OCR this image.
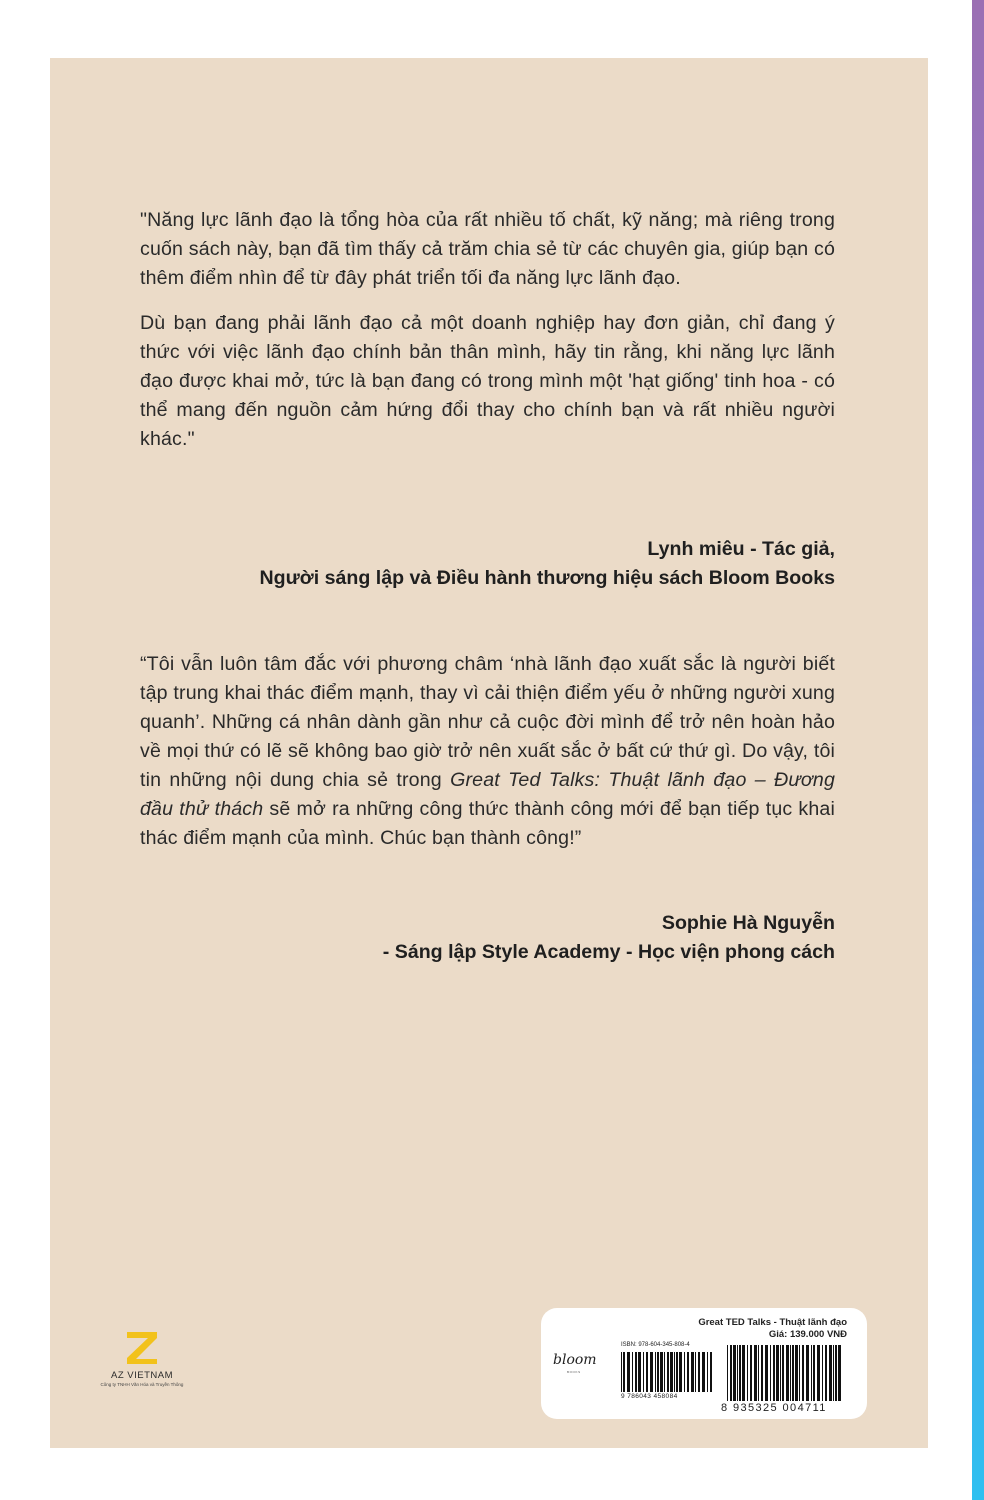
"Năng lực lãnh đạo là tổng hòa của rất nhiều tố chất, kỹ năng; mà riêng trong cuốn sách này, bạn đã tìm thấy cả trăm chia sẻ từ các chuyên gia, giúp bạn có thêm điểm nhìn để từ đây phát triển tối đa năng lực lãnh đạo.

Dù bạn đang phải lãnh đạo cả một doanh nghiệp hay đơn giản, chỉ đang ý thức với việc lãnh đạo chính bản thân mình, hãy tin rằng, khi năng lực lãnh đạo được khai mở, tức là bạn đang có trong mình một 'hạt giống' tinh hoa - có thể mang đến nguồn cảm hứng đổi thay cho chính bạn và rất nhiều người khác."

Lynh miêu - Tác giả,
Người sáng lập và Điều hành thương hiệu sách Bloom Books

“Tôi vẫn luôn tâm đắc với phương châm ‘nhà lãnh đạo xuất sắc là người biết tập trung khai thác điểm mạnh, thay vì cải thiện điểm yếu ở những người xung quanh’. Những cá nhân dành gần như cả cuộc đời mình để trở nên hoàn hảo về mọi thứ có lẽ sẽ không bao giờ trở nên xuất sắc ở bất cứ thứ gì. Do vậy, tôi tin những nội dung chia sẻ trong Great Ted Talks: Thuật lãnh đạo – Đương đầu thử thách sẽ mở ra những công thức thành công mới để bạn tiếp tục khai thác điểm mạnh của mình. Chúc bạn thành công!”

Sophie Hà Nguyễn
- Sáng lập Style Academy - Học viện phong cách
AZ VIETNAM
Công ty TNHH Văn Hóa và Truyền Thông
Great TED Talks - Thuật lãnh đạo
Giá: 139.000 VNĐ
bloom
BOOKS
ISBN: 978-604-345-808-4
9 786043 458084
8 935325 004711
